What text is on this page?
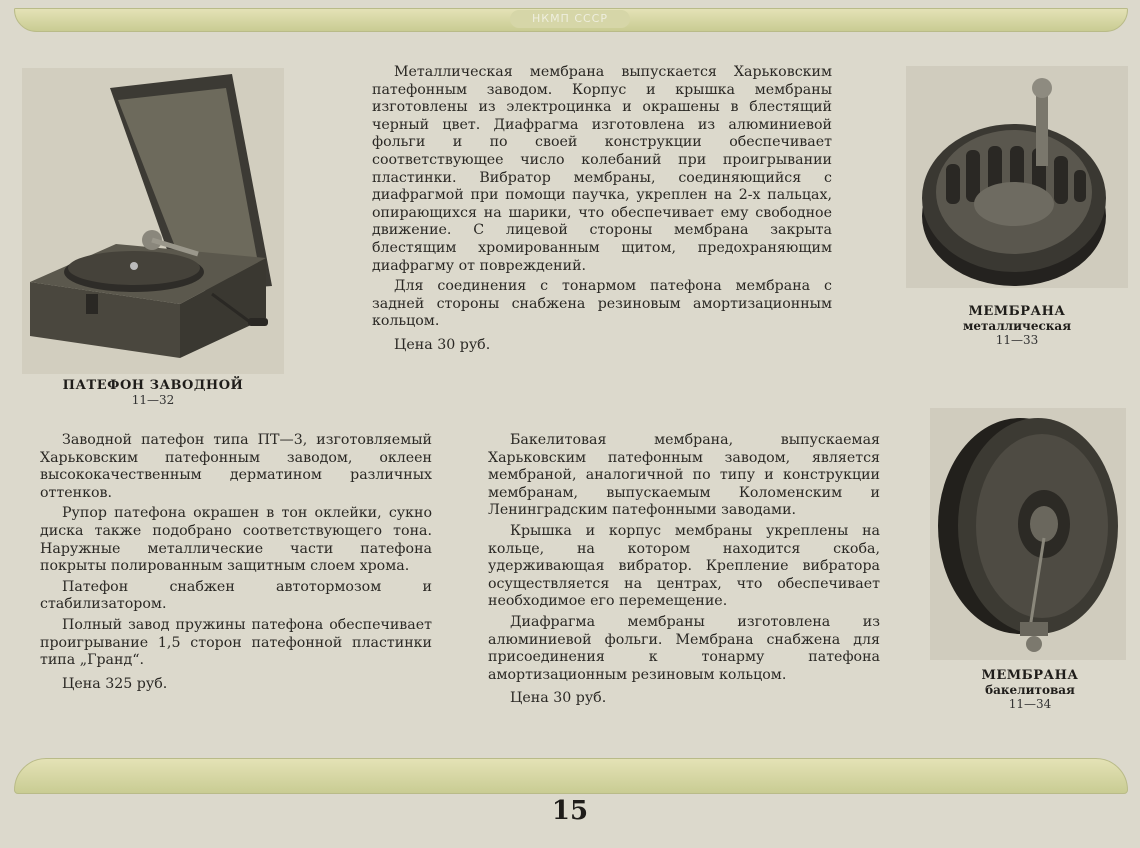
НКМП СССР
ПАТЕФОН ЗАВОДНОЙ
11—32

Металлическая мембрана выпускается Харьковским патефонным заводом. Корпус и крышка мембраны изготовлены из электроцинка и окрашены в блестящий черный цвет. Диафрагма изготовлена из алюминиевой фольги и по своей конструкции обеспечивает соответствующее число колебаний при проигрывании пластинки. Вибратор мембраны, соединяющийся с диафрагмой при помощи паучка, укреплен на 2-х пальцах, опирающихся на шарики, что обеспечивает ему свободное движение. С лицевой стороны мембрана закрыта блестящим хромированным щитом, предохраняющим диафрагму от повреждений.

Для соединения с тонармом патефона мембрана с задней стороны снабжена резиновым амортизационным кольцом.

Цена 30 руб.
МЕМБРАНА
металлическая
11—33

Заводной патефон типа ПТ—3, изготовляемый Харьковским патефонным заводом, оклеен высококачественным дерматином различных оттенков.

Рупор патефона окрашен в тон оклейки, сукно диска также подобрано соответствующего тона. Наружные металлические части патефона покрыты полированным защитным слоем хрома.

Патефон снабжен автотормозом и стабилизатором.

Полный завод пружины патефона обеспечивает проигрывание 1,5 сторон патефонной пластинки типа „Гранд“.

Цена 325 руб.

Бакелитовая мембрана, выпускаемая Харьковским патефонным заводом, является мембраной, аналогичной по типу и конструкции мембранам, выпускаемым Коломенским и Ленинградским патефонными заводами.

Крышка и корпус мембраны укреплены на кольце, на котором находится скоба, удерживающая вибратор. Крепление вибратора осуществляется на центрах, что обеспечивает необходимое его перемещение.

Диафрагма мембраны изготовлена из алюминиевой фольги. Мембрана снабжена для присоединения к тонарму патефона амортизационным резиновым кольцом.

Цена 30 руб.
МЕМБРАНА
бакелитовая
11—34
15
